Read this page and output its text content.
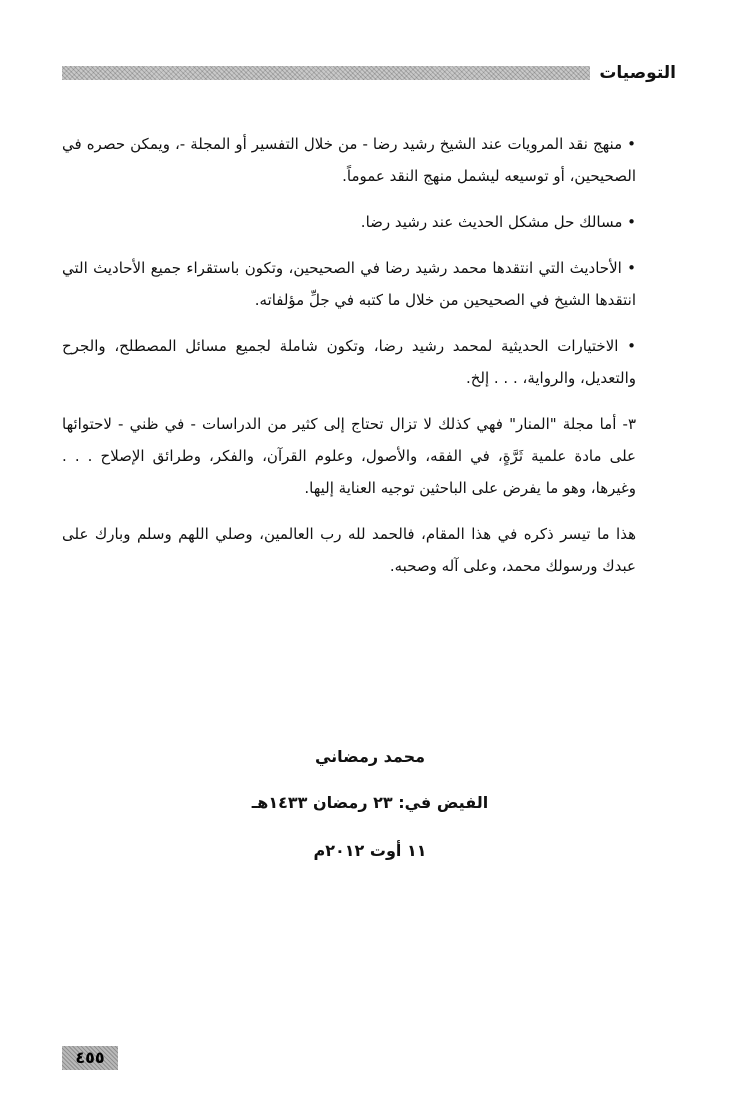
التوصيات

• منهج نقد المرويات عند الشيخ رشيد رضا - من خلال التفسير أو المجلة -، ويمكن حصره في الصحيحين، أو توسيعه ليشمل منهج النقد عموماً.

• مسالك حل مشكل الحديث عند رشيد رضا.

• الأحاديث التي انتقدها محمد رشيد رضا في الصحيحين، وتكون باستقراء جميع الأحاديث التي انتقدها الشيخ في الصحيحين من خلال ما كتبه في جلِّ مؤلفاته.

• الاختيارات الحديثية لمحمد رشيد رضا، وتكون شاملة لجميع مسائل المصطلح، والجرح والتعديل، والرواية، . . . إلخ.

٣- أما مجلة "المنار" فهي كذلك لا تزال تحتاج إلى كثير من الدراسات - في ظني - لاحتوائها على مادة علمية ثَرَّةٍ، في الفقه، والأصول، وعلوم القرآن، والفكر، وطرائق الإصلاح . . . وغيرها، وهو ما يفرض على الباحثين توجيه العناية إليها.

هذا ما تيسر ذكره في هذا المقام، فالحمد لله رب العالمين، وصلي اللهم وسلم وبارك على عبدك ورسولك محمد، وعلى آله وصحبه.

محمد رمضاني
الفيض في: ٢٣ رمضان ١٤٣٣هـ
١١ أوت ٢٠١٢م
٤٥٥
